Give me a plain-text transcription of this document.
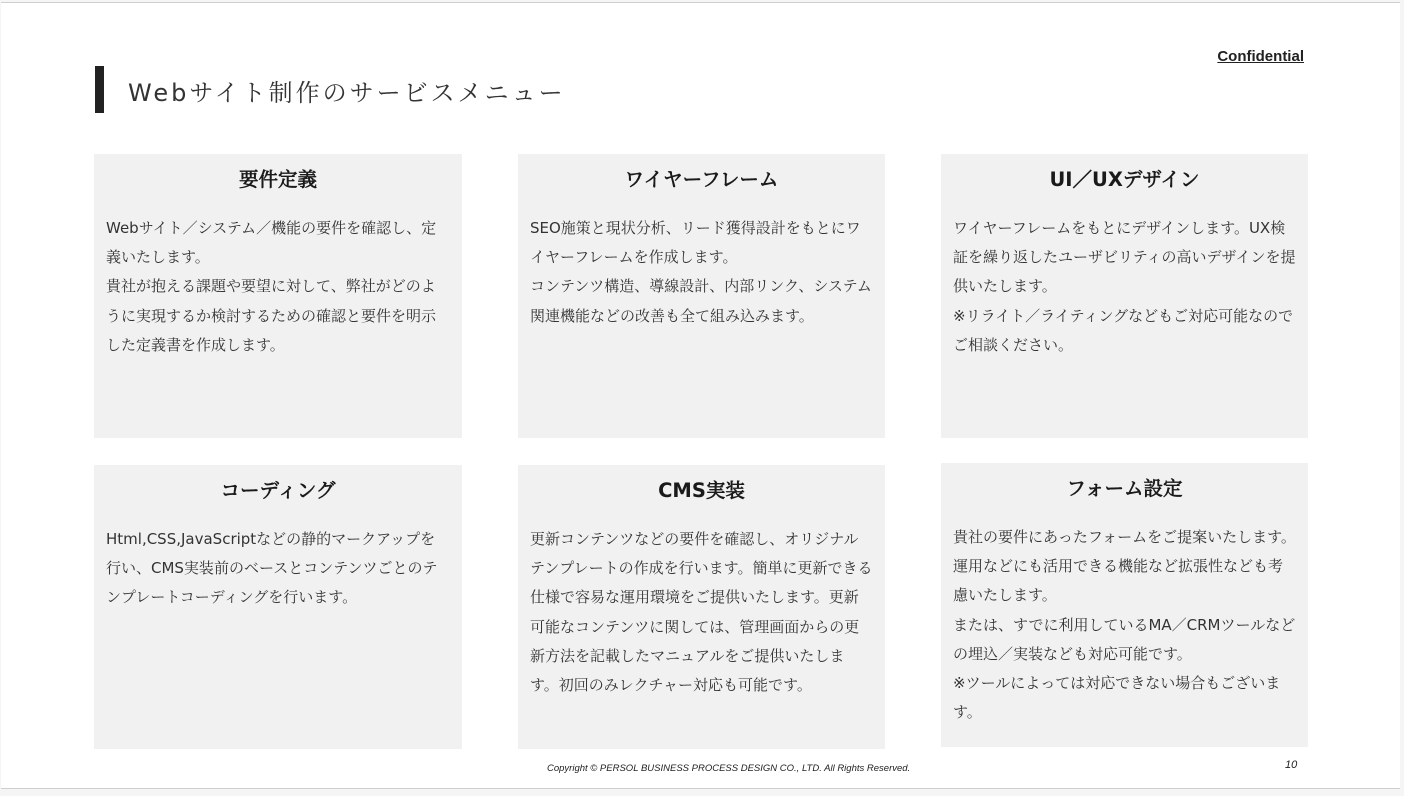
Webサイト制作のサービスメニュー
Confidential
要件定義

Webサイト／システム／機能の要件を確認し、定義いたします。

貴社が抱える課題や要望に対して、弊社がどのように実現するか検討するための確認と要件を明示した定義書を作成します。

ワイヤーフレーム

SEO施策と現状分析、リード獲得設計をもとにワイヤーフレームを作成します。

コンテンツ構造、導線設計、内部リンク、システム関連機能などの改善も全て組み込みます。

UI／UXデザイン

ワイヤーフレームをもとにデザインします。UX検証を繰り返したユーザビリティの高いデザインを提供いたします。

※リライト／ライティングなどもご対応可能なのでご相談ください。

コーディング

Html,CSS,JavaScriptなどの静的マークアップを行い、CMS実装前のベースとコンテンツごとのテンプレートコーディングを行います。

CMS実装

更新コンテンツなどの要件を確認し、オリジナルテンプレートの作成を行います。簡単に更新できる仕様で容易な運用環境をご提供いたします。更新可能なコンテンツに関しては、管理画面からの更新方法を記載したマニュアルをご提供いたします。初回のみレクチャー対応も可能です。

フォーム設定

貴社の要件にあったフォームをご提案いたします。運用などにも活用できる機能など拡張性なども考慮いたします。

または、すでに利用しているMA／CRMツールなどの埋込／実装なども対応可能です。

※ツールによっては対応できない場合もございます。

Copyright © PERSOL BUSINESS PROCESS DESIGN CO., LTD. All Rights Reserved.	10
